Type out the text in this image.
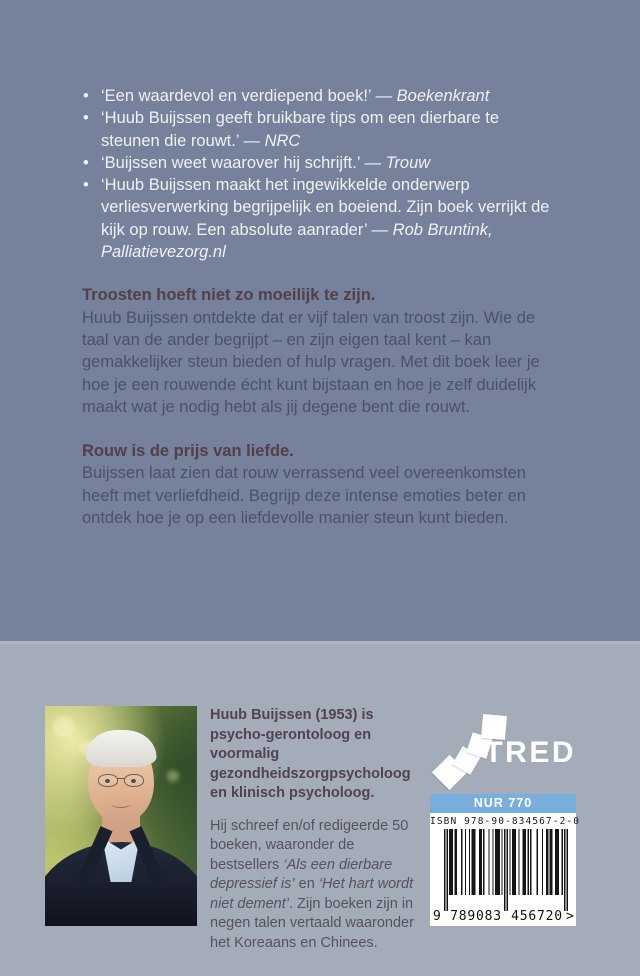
• ‘Een waardevol en verdiepend boek!’ — Boekenkrant
• ‘Huub Buijssen geeft bruikbare tips om een dierbare te steunen die rouwt.’ — NRC
• ‘Buijssen weet waarover hij schrijft.’ — Trouw
• ‘Huub Buijssen maakt het ingewikkelde onderwerp verliesverwerking begrijpelijk en boeiend. Zijn boek verrijkt de kijk op rouw. Een absolute aanrader’ — Rob Bruntink, Palliatievezorg.nl
Troosten hoeft niet zo moeilijk te zijn.
Huub Buijssen ontdekte dat er vijf talen van troost zijn. Wie de taal van de ander begrijpt – en zijn eigen taal kent – kan gemakkelijker steun bieden of hulp vragen. Met dit boek leer je hoe je een rouwende écht kunt bijstaan en hoe je zelf duidelijk maakt wat je nodig hebt als jij degene bent die rouwt.
Rouw is de prijs van liefde.
Buijssen laat zien dat rouw verrassend veel overeenkomsten heeft met verliefdheid. Begrijp deze intense emoties beter en ontdek hoe je op een liefdevolle manier steun kunt bieden.

Huub Buijssen (1953) is psycho-gerontoloog en voormalig gezondheidszorgpsycholoog en klinisch psycholoog.

Hij schreef en/of redigeerde 50 boeken, waaronder de bestsellers ‘Als een dierbare depressief is’ en ‘Het hart wordt niet dement’. Zijn boeken zijn in negen talen vertaald waaronder het Koreaans en Chinees.

TRED
NUR 770
ISBN 978-90-834567-2-0
9 789083 456720 >
